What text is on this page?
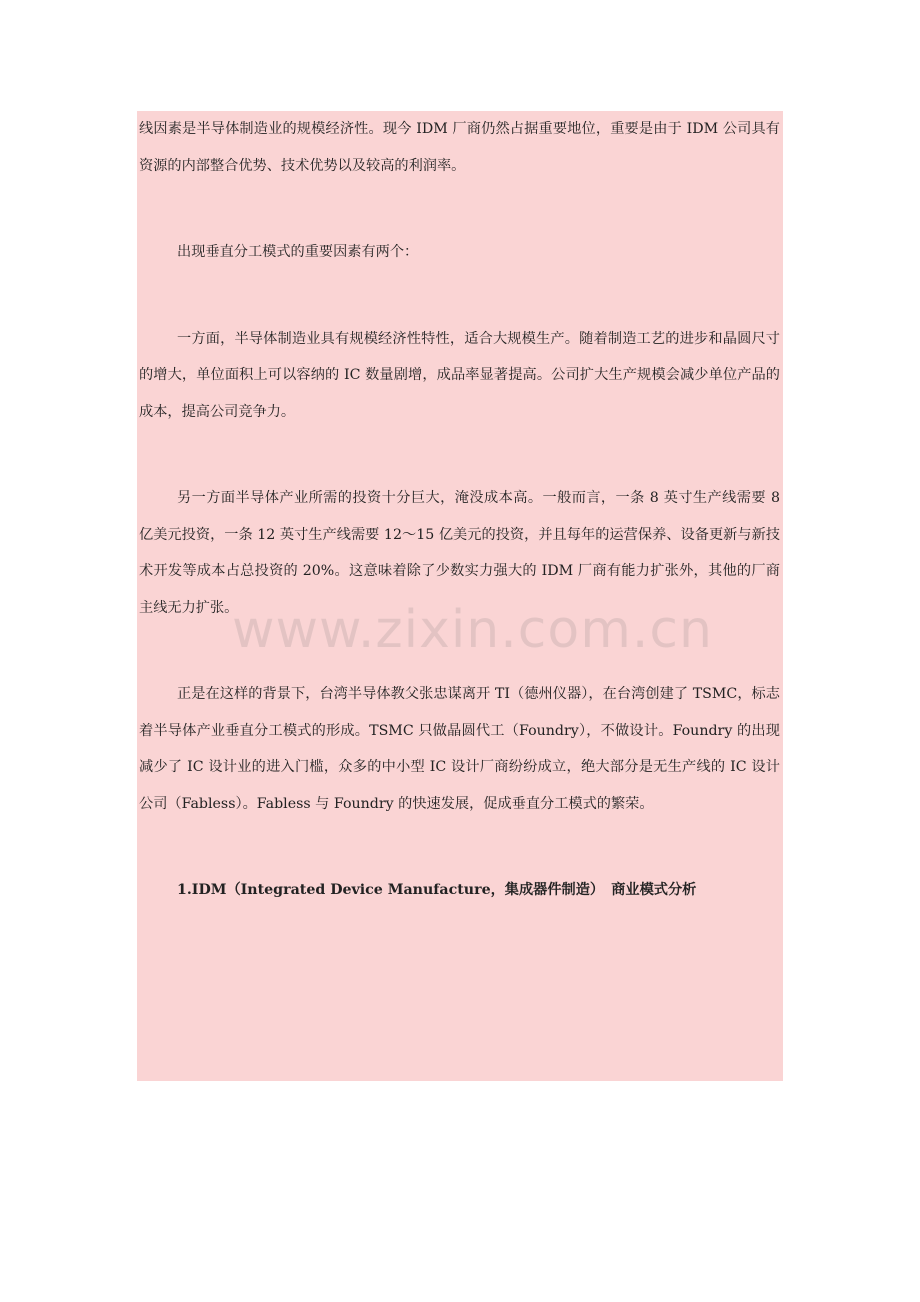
线因素是半导体制造业的规模经济性。现今 IDM 厂商仍然占据重要地位，重要是由于 IDM 公司具有资源的内部整合优势、技术优势以及较高的利润率。

出现垂直分工模式的重要因素有两个：

一方面，半导体制造业具有规模经济性特性，适合大规模生产。随着制造工艺的进步和晶圆尺寸的增大，单位面积上可以容纳的 IC 数量剧增，成品率显著提高。公司扩大生产规模会减少单位产品的成本，提高公司竞争力。

另一方面半导体产业所需的投资十分巨大，淹没成本高。一般而言，一条 8 英寸生产线需要 8 亿美元投资，一条 12 英寸生产线需要 12～15 亿美元的投资，并且每年的运营保养、设备更新与新技术开发等成本占总投资的 20%。这意味着除了少数实力强大的 IDM 厂商有能力扩张外，其他的厂商主线无力扩张。

正是在这样的背景下，台湾半导体教父张忠谋离开 TI（德州仪器），在台湾创建了 TSMC，标志着半导体产业垂直分工模式的形成。TSMC 只做晶圆代工（Foundry），不做设计。Foundry 的出现减少了 IC 设计业的进入门槛，众多的中小型 IC 设计厂商纷纷成立，绝大部分是无生产线的 IC 设计公司（Fabless）。Fabless 与 Foundry 的快速发展，促成垂直分工模式的繁荣。

1.IDM（Integrated Device Manufacture，集成器件制造）　商业模式分析
